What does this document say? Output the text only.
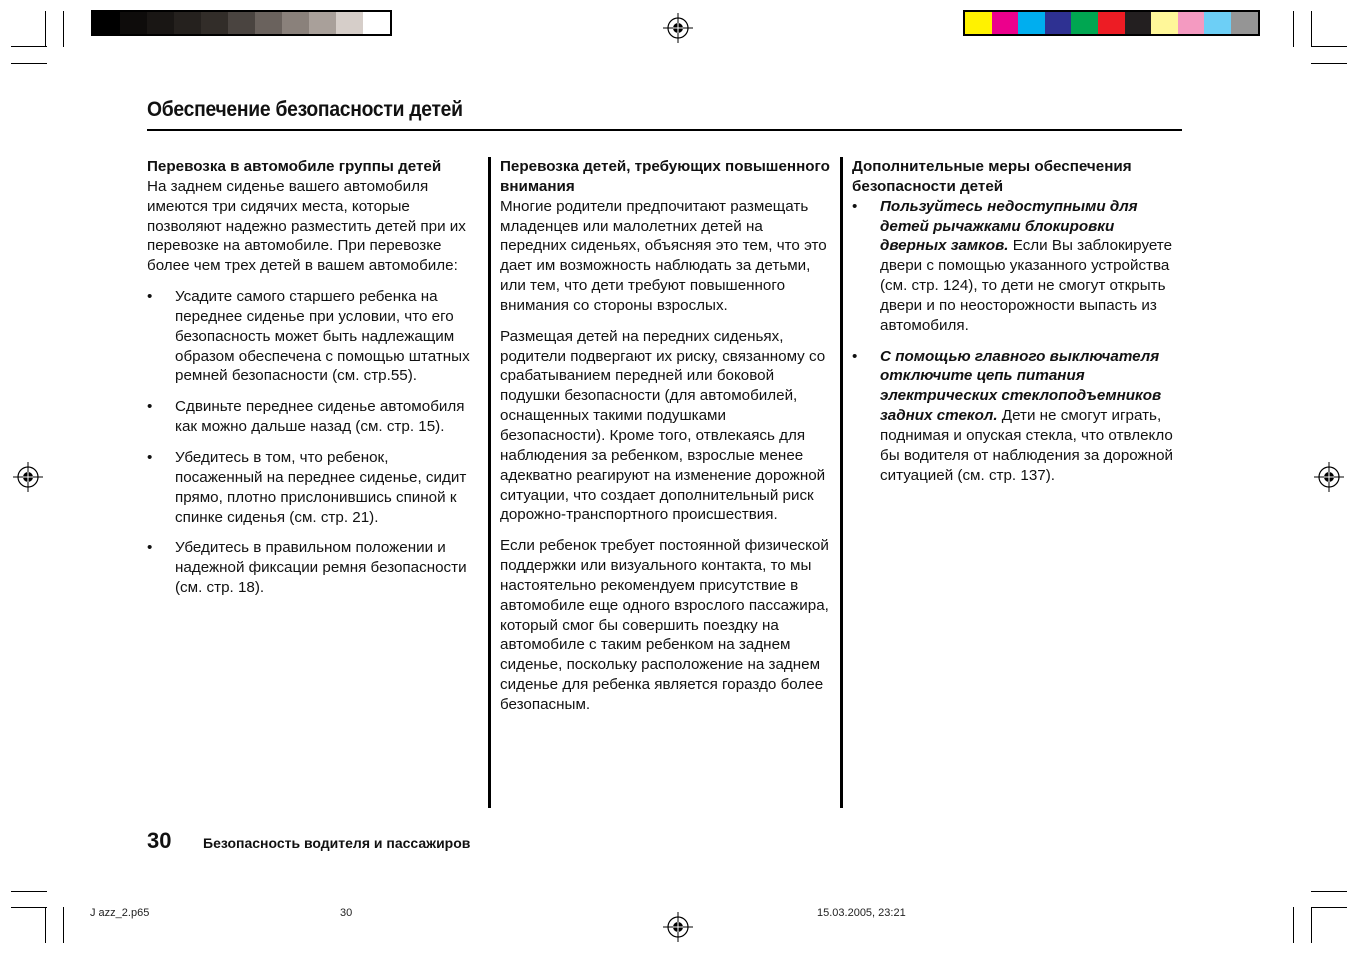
Обеспечение безопасности детей

Перевозка в автомобиле группы детей

На заднем сиденье вашего автомобиля имеются три сидячих места, которые позволяют надежно разместить детей при их перевозке на автомобиле. При перевозке более чем трех детей в вашем автомобиле:

• Усадите самого старшего ребенка на переднее сиденье при условии, что его безопасность может быть надлежащим образом обеспечена с помощью штатных ремней безопасности (см. стр.55).
• Сдвиньте переднее сиденье автомобиля как можно дальше назад (см. стр. 15).
• Убедитесь в том, что ребенок, посаженный на переднее сиденье, сидит прямо, плотно прислонившись спиной к спинке сиденья (см. стр. 21).
• Убедитесь в правильном положении и надежной фиксации ремня безопасности (см. стр. 18).

Перевозка детей, требующих повышенного внимания

Многие родители предпочитают размещать младенцев или малолетних детей на передних сиденьях, объясняя это тем, что это дает им возможность наблюдать за детьми, или тем, что дети требуют повышенного внимания со стороны взрослых.

Размещая детей на передних сиденьях, родители подвергают их риску, связанному со срабатыванием передней или боковой подушки безопасности (для автомобилей, оснащенных такими подушками безопасности). Кроме того, отвлекаясь для наблюдения за ребенком, взрослые менее адекватно реагируют на изменение дорожной ситуации, что создает дополнительный риск дорожно-транспортного происшествия.

Если ребенок требует постоянной физической поддержки или визуального контакта, то мы настоятельно рекомендуем присутствие в автомобиле еще одного взрослого пассажира, который смог бы совершить поездку на автомобиле с таким ребенком на заднем сиденье, поскольку расположение на заднем сиденье для ребенка является гораздо более безопасным.

Дополнительные меры обеспечения безопасности детей

• Пользуйтесь недоступными для детей рычажками блокировки дверных замков. Если Вы заблокируете двери с помощью указанного устройства (см. стр. 124), то дети не смогут открыть двери и по неосторожности выпасть из автомобиля.
• С помощью главного выключателя отключите цепь питания электрических стеклоподъемников задних стекол. Дети не смогут играть, поднимая и опуская стекла, что отвлекло бы водителя от наблюдения за дорожной ситуацией (см. стр. 137).
30 Безопасность водителя и пассажиров
J azz_2.p65	30	15.03.2005, 23:21
